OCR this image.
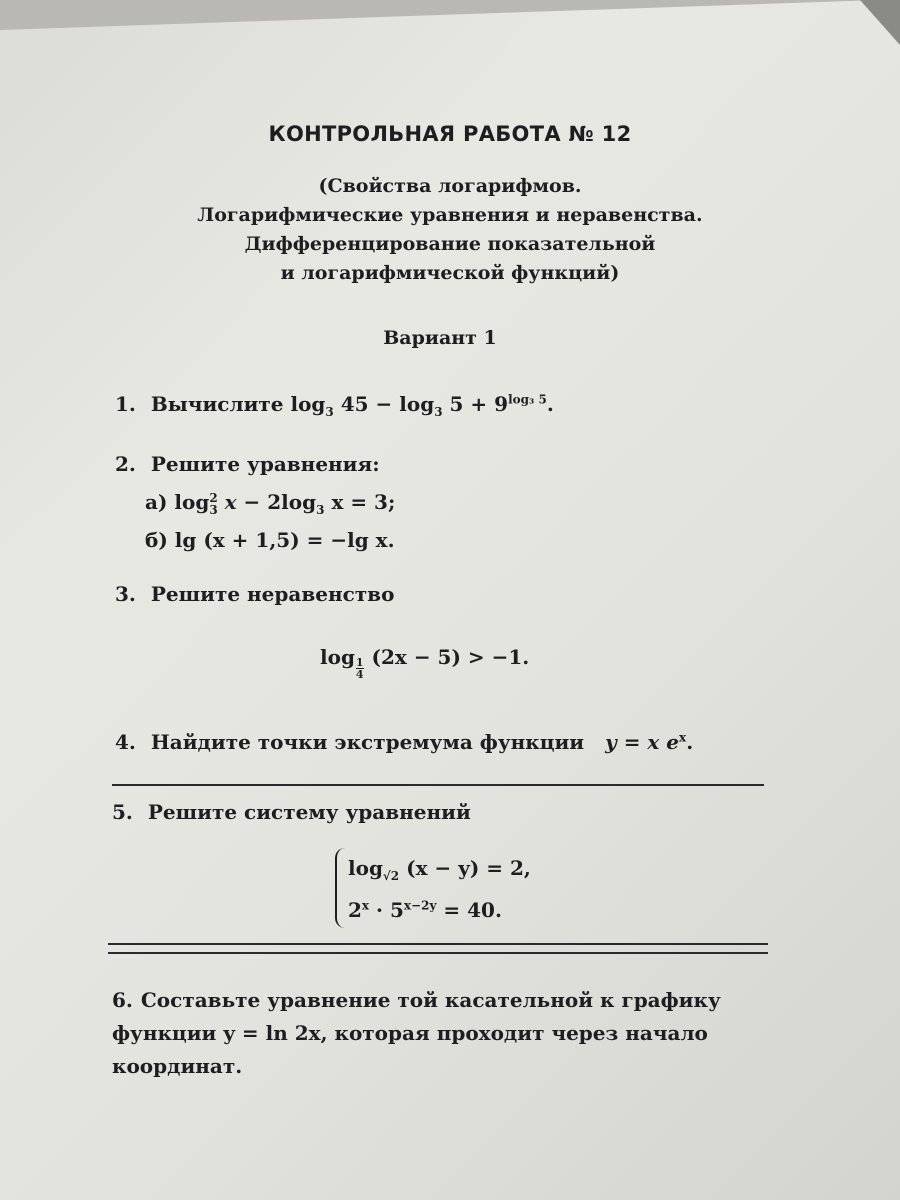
КОНТРОЛЬНАЯ РАБОТА № 12
(Свойства логарифмов.
Логарифмические уравнения и неравенства.
Дифференцирование показательной
и логарифмической функций)
Вариант 1
1. Вычислите $\log_3 45 - \log_3 5 + 9^{log_3 5}$.
2. Решите уравнения:
а) log 2
3 $x - 2\log_3$ x = 3;
б) lg (x + 1,5) = −lg x.
3. Решите неравенство
$\log \frac{1}{4} (2x - 5) > -1$.
4. Найдите точки экстремума функции y = x $e^x$.
5. Решите систему уравнений
$\log_{√2} (x - y) = 2$,
$2^x \cdot 5^{x-2y} = 40$.
6. Составьте уравнение той касательной к графику функции y = ln 2x, которая проходит через начало координат.
